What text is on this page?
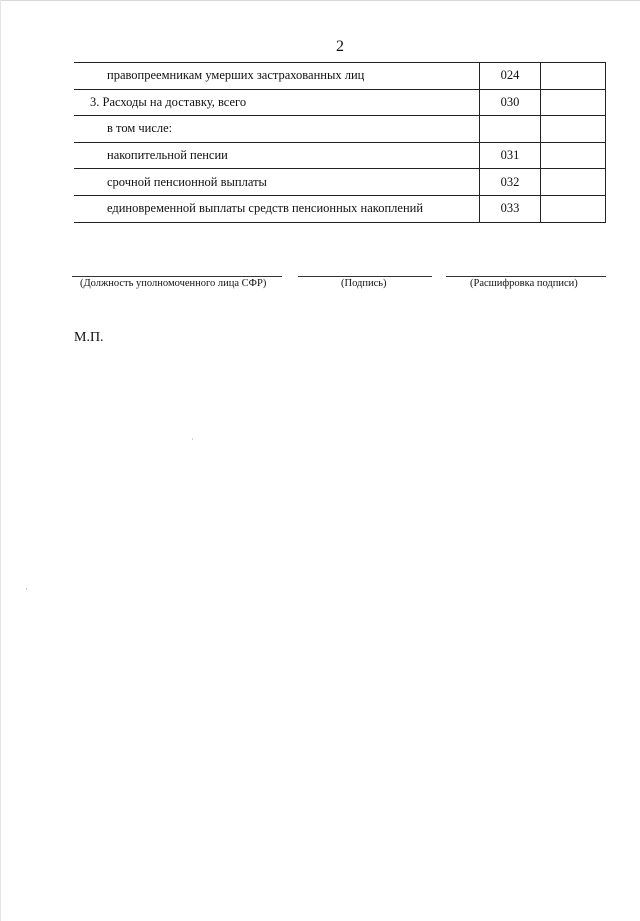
2
правопреемникам умерших застрахованных лиц	024	
3. Расходы на доставку, всего	030	
в том числе:		
накопительной пенсии	031	
срочной пенсионной выплаты	032	
единовременной выплаты средств пенсионных накоплений	033	
(Должность уполномоченного лица СФР)	(Подпись)	(Расшифровка подписи)
М.П.
